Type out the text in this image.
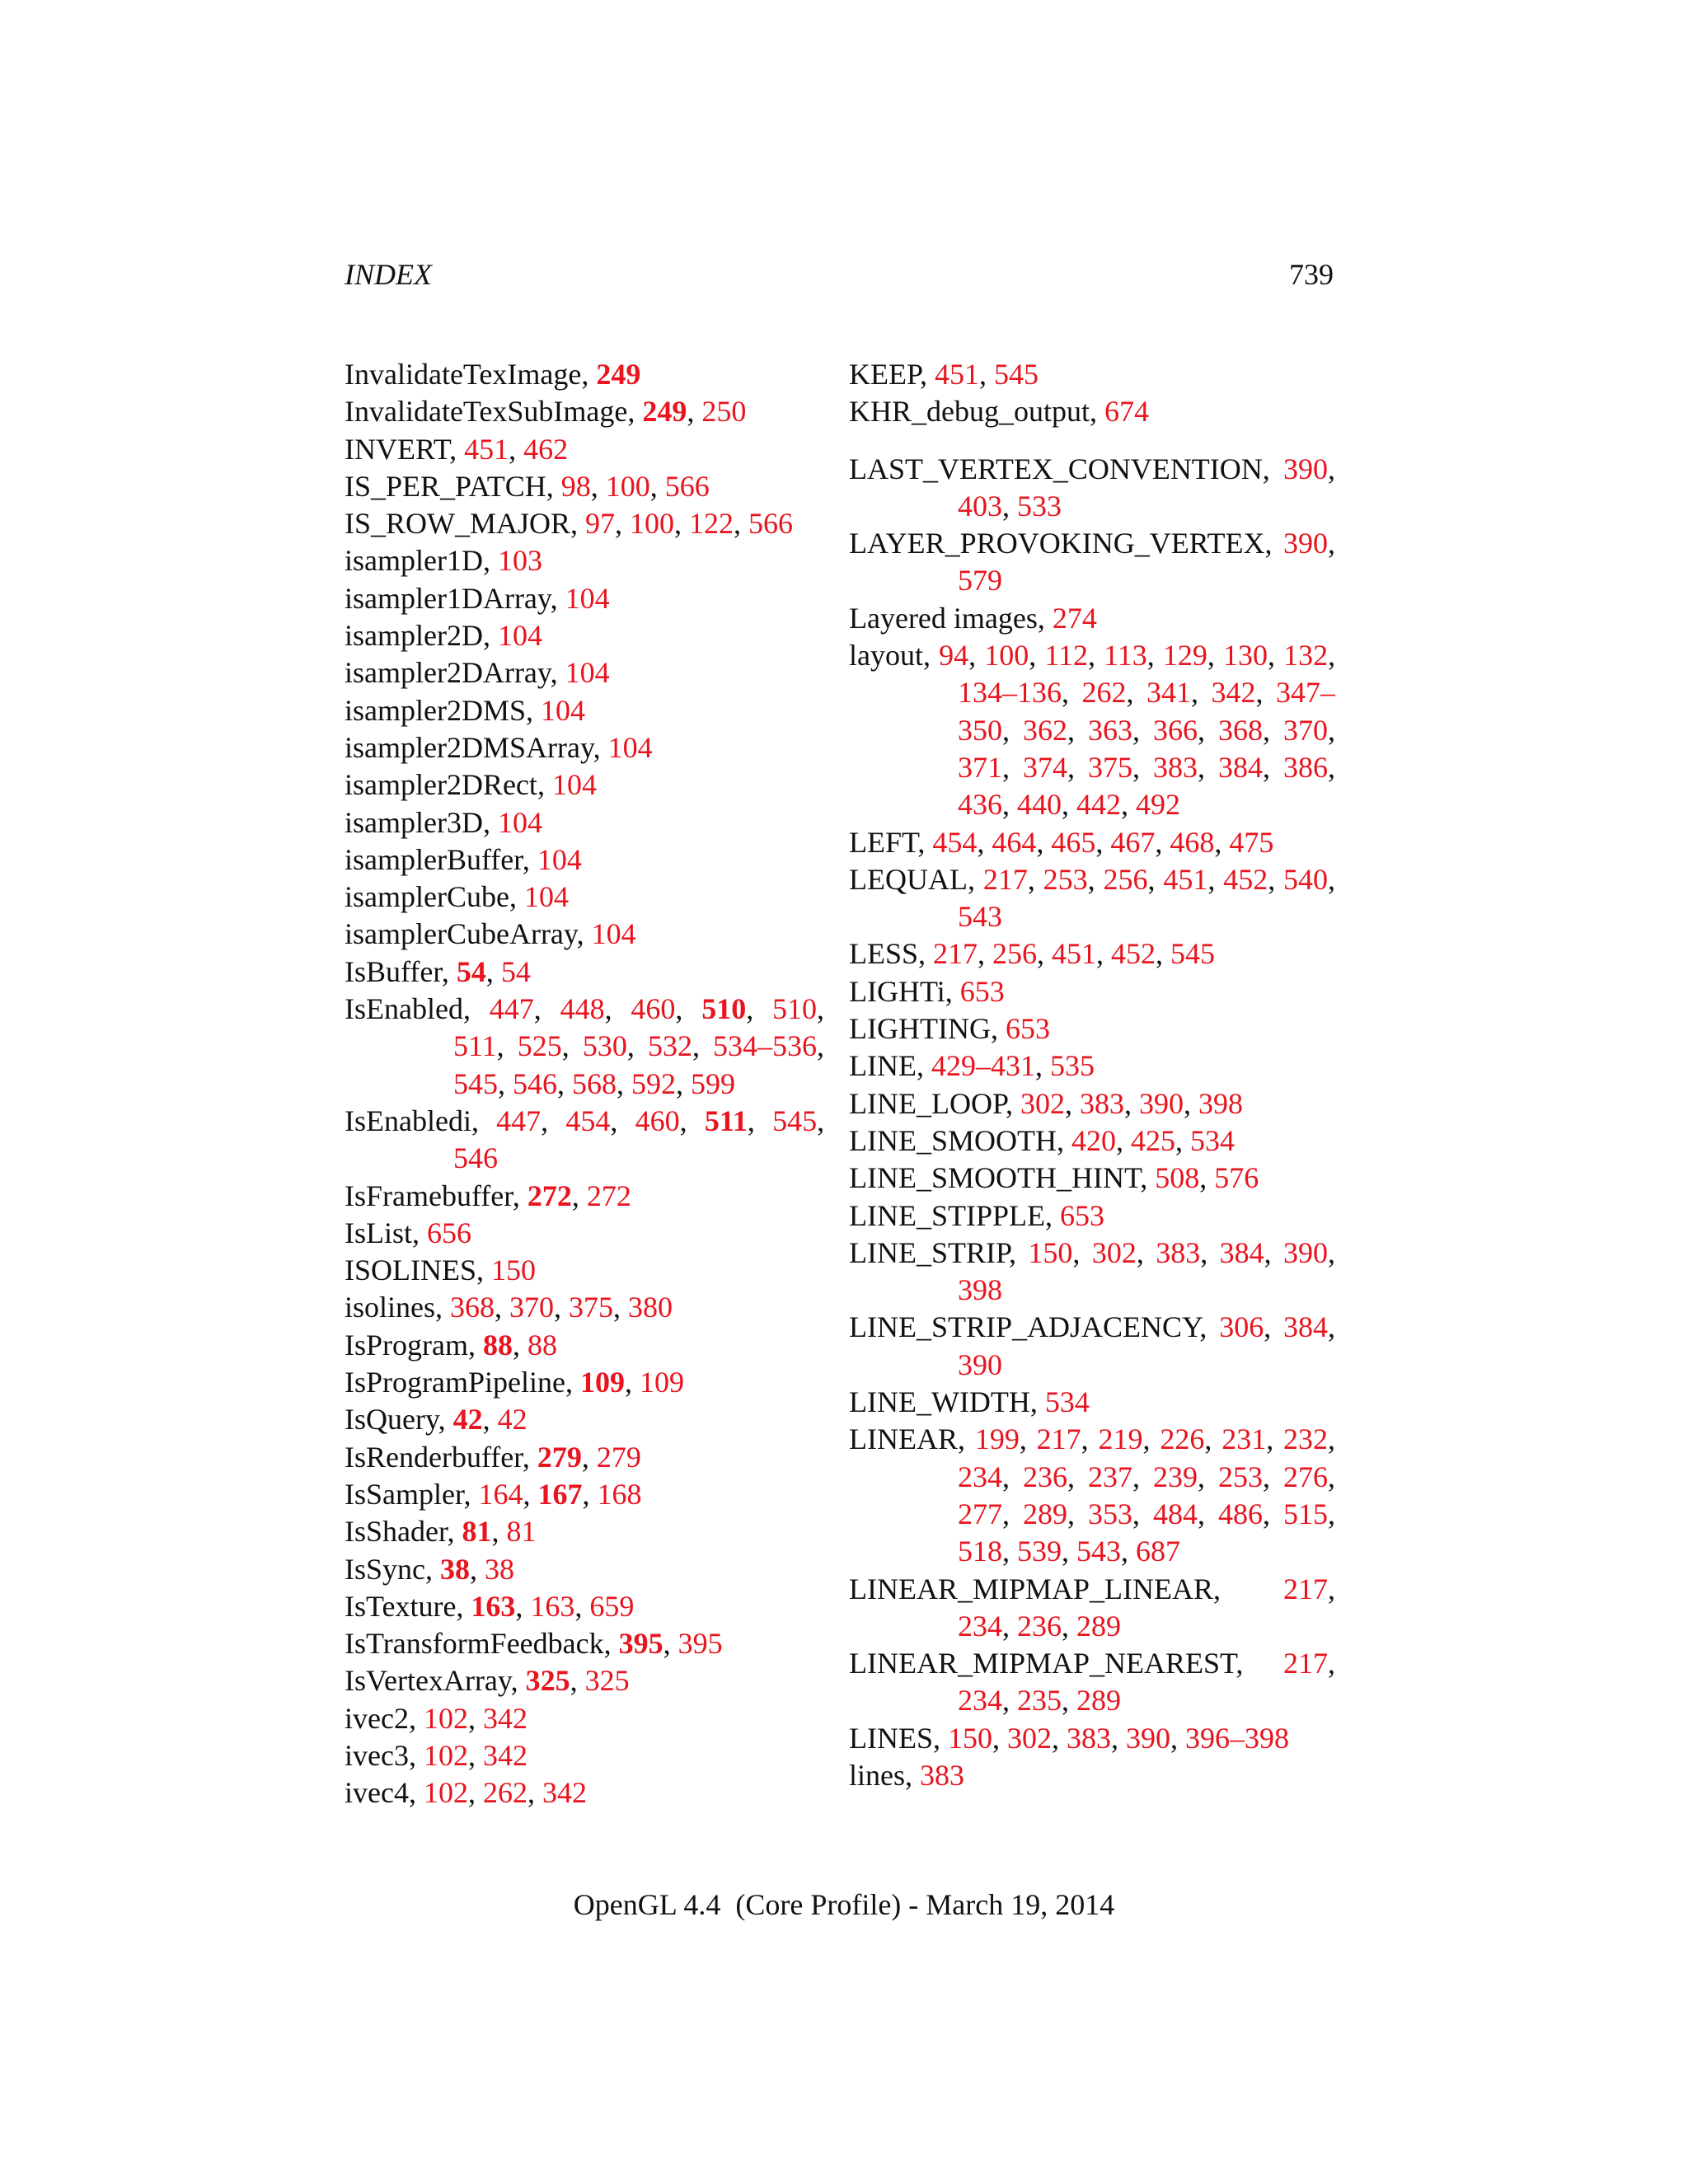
INDEX	739
InvalidateTexImage, 249
InvalidateTexSubImage, 249, 250
INVERT, 451, 462
IS_PER_PATCH, 98, 100, 566
IS_ROW_MAJOR, 97, 100, 122, 566
isampler1D, 103
isampler1DArray, 104
isampler2D, 104
isampler2DArray, 104
isampler2DMS, 104
isampler2DMSArray, 104
isampler2DRect, 104
isampler3D, 104
isamplerBuffer, 104
isamplerCube, 104
isamplerCubeArray, 104
IsBuffer, 54, 54
IsEnabled, 447, 448, 460, 510, 510, 511, 525, 530, 532, 534–536, 545, 546, 568, 592, 599
IsEnabledi, 447, 454, 460, 511, 545, 546
IsFramebuffer, 272, 272
IsList, 656
ISOLINES, 150
isolines, 368, 370, 375, 380
IsProgram, 88, 88
IsProgramPipeline, 109, 109
IsQuery, 42, 42
IsRenderbuffer, 279, 279
IsSampler, 164, 167, 168
IsShader, 81, 81
IsSync, 38, 38
IsTexture, 163, 163, 659
IsTransformFeedback, 395, 395
IsVertexArray, 325, 325
ivec2, 102, 342
ivec3, 102, 342
ivec4, 102, 262, 342
KEEP, 451, 545
KHR_debug_output, 674
LAST_VERTEX_CONVENTION, 390, 403, 533
LAYER_PROVOKING_VERTEX, 390, 579
Layered images, 274
layout, 94, 100, 112, 113, 129, 130, 132, 134–136, 262, 341, 342, 347–350, 362, 363, 366, 368, 370, 371, 374, 375, 383, 384, 386, 436, 440, 442, 492
LEFT, 454, 464, 465, 467, 468, 475
LEQUAL, 217, 253, 256, 451, 452, 540, 543
LESS, 217, 256, 451, 452, 545
LIGHTi, 653
LIGHTING, 653
LINE, 429–431, 535
LINE_LOOP, 302, 383, 390, 398
LINE_SMOOTH, 420, 425, 534
LINE_SMOOTH_HINT, 508, 576
LINE_STIPPLE, 653
LINE_STRIP, 150, 302, 383, 384, 390, 398
LINE_STRIP_ADJACENCY, 306, 384, 390
LINE_WIDTH, 534
LINEAR, 199, 217, 219, 226, 231, 232, 234, 236, 237, 239, 253, 276, 277, 289, 353, 484, 486, 515, 518, 539, 543, 687
LINEAR_MIPMAP_LINEAR, 217, 234, 236, 289
LINEAR_MIPMAP_NEAREST, 217, 234, 235, 289
LINES, 150, 302, 383, 390, 396–398
lines, 383
OpenGL 4.4  (Core Profile) - March 19, 2014
